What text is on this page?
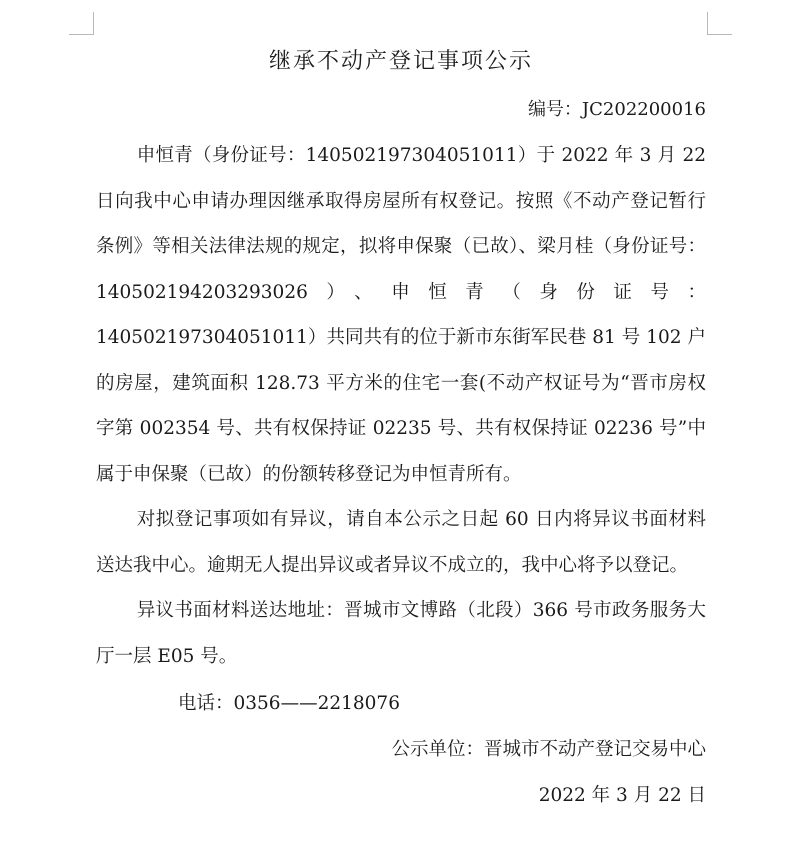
继承不动产登记事项公示
编号：JC202200016

申恒青（身份证号：140502197304051011）于 2022 年 3 月 22 日向我中心申请办理因继承取得房屋所有权登记。按照《不动产登记暂行条例》等相关法律法规的规定，拟将申保聚（已故）、梁月桂（身份证号：140502194203293026）、申恒青（身份证号：140502197304051011）共同共有的位于新市东街军民巷 81 号 102 户的房屋，建筑面积 128.73 平方米的住宅一套(不动产权证号为“晋市房权字第 002354 号、共有权保持证 02235 号、共有权保持证 02236 号”中属于申保聚（已故）的份额转移登记为申恒青所有。

对拟登记事项如有异议，请自本公示之日起 60 日内将异议书面材料送达我中心。逾期无人提出异议或者异议不成立的，我中心将予以登记。

异议书面材料送达地址：晋城市文博路（北段）366 号市政务服务大厅一层 E05 号。

电话：0356——2218076
公示单位：晋城市不动产登记交易中心
2022 年 3 月 22 日
